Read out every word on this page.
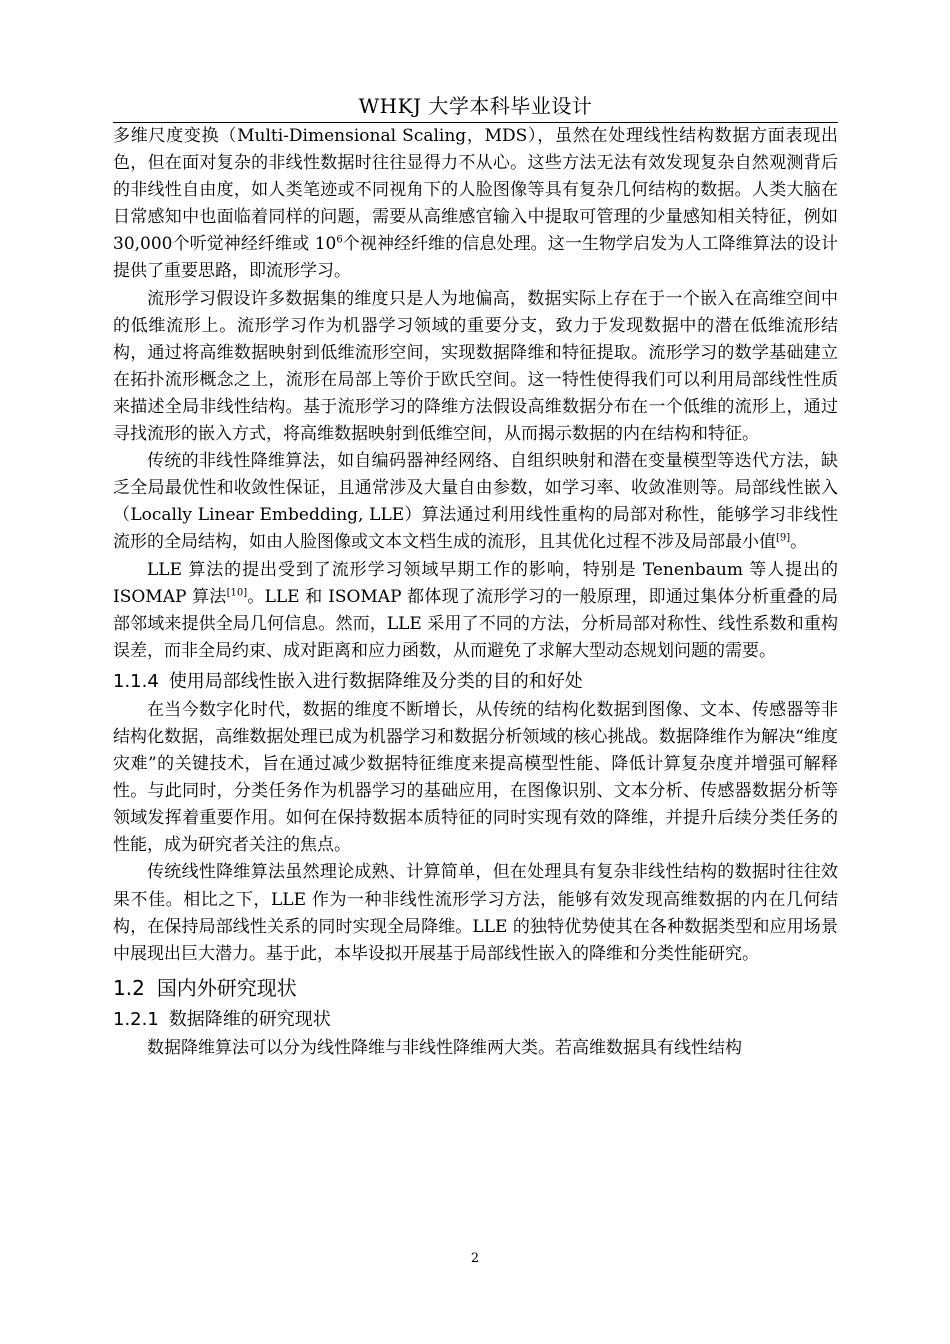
WHKJ 大学本科毕业设计

多维尺度变换（Multi-Dimensional Scaling，MDS），虽然在处理线性结构数据方面表现出色，但在面对复杂的非线性数据时往往显得力不从心。这些方法无法有效发现复杂自然观测背后的非线性自由度，如人类笔迹或不同视角下的人脸图像等具有复杂几何结构的数据。人类大脑在日常感知中也面临着同样的问题，需要从高维感官输入中提取可管理的少量感知相关特征，例如30,000个听觉神经纤维或 $10^6$个视神经纤维的信息处理。这一生物学启发为人工降维算法的设计提供了重要思路，即流形学习。

流形学习假设许多数据集的维度只是人为地偏高，数据实际上存在于一个嵌入在高维空间中的低维流形上。流形学习作为机器学习领域的重要分支，致力于发现数据中的潜在低维流形结构，通过将高维数据映射到低维流形空间，实现数据降维和特征提取。流形学习的数学基础建立在拓扑流形概念之上，流形在局部上等价于欧氏空间。这一特性使得我们可以利用局部线性性质来描述全局非线性结构。基于流形学习的降维方法假设高维数据分布在一个低维的流形上，通过寻找流形的嵌入方式，将高维数据映射到低维空间，从而揭示数据的内在结构和特征。

传统的非线性降维算法，如自编码器神经网络、自组织映射和潜在变量模型等迭代方法，缺乏全局最优性和收敛性保证，且通常涉及大量自由参数，如学习率、收敛准则等。局部线性嵌入（Locally Linear Embedding, LLE）算法通过利用线性重构的局部对称性，能够学习非线性流形的全局结构，如由人脸图像或文本文档生成的流形，且其优化过程不涉及局部最小值[9]。

LLE 算法的提出受到了流形学习领域早期工作的影响，特别是 Tenenbaum 等人提出的 ISOMAP 算法[10]。LLE 和 ISOMAP 都体现了流形学习的一般原理，即通过集体分析重叠的局部邻域来提供全局几何信息。然而，LLE 采用了不同的方法，分析局部对称性、线性系数和重构误差，而非全局约束、成对距离和应力函数，从而避免了求解大型动态规划问题的需要。

1.1.4 使用局部线性嵌入进行数据降维及分类的目的和好处

在当今数字化时代，数据的维度不断增长，从传统的结构化数据到图像、文本、传感器等非结构化数据，高维数据处理已成为机器学习和数据分析领域的核心挑战。数据降维作为解决“维度灾难”的关键技术，旨在通过减少数据特征维度来提高模型性能、降低计算复杂度并增强可解释性。与此同时，分类任务作为机器学习的基础应用，在图像识别、文本分析、传感器数据分析等领域发挥着重要作用。如何在保持数据本质特征的同时实现有效的降维，并提升后续分类任务的性能，成为研究者关注的焦点。

传统线性降维算法虽然理论成熟、计算简单，但在处理具有复杂非线性结构的数据时往往效果不佳。相比之下，LLE 作为一种非线性流形学习方法，能够有效发现高维数据的内在几何结构，在保持局部线性关系的同时实现全局降维。LLE 的独特优势使其在各种数据类型和应用场景中展现出巨大潜力。基于此，本毕设拟开展基于局部线性嵌入的降维和分类性能研究。

1.2 国内外研究现状
1.2.1 数据降维的研究现状

数据降维算法可以分为线性降维与非线性降维两大类。若高维数据具有线性结构

2
